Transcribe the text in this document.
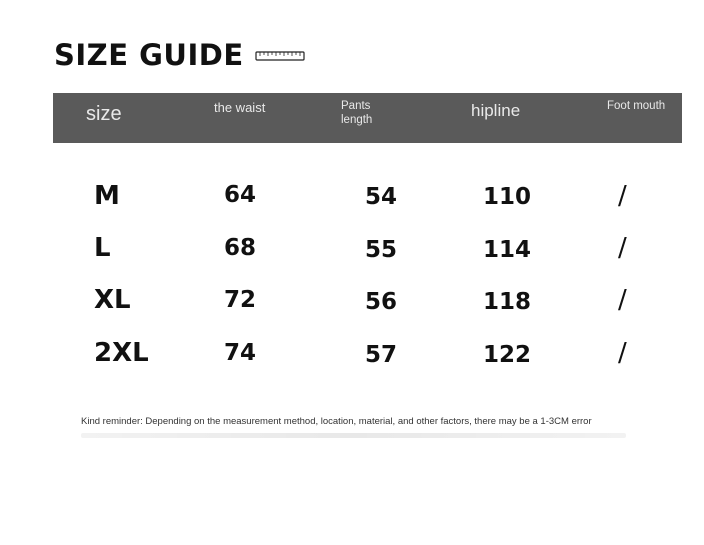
SIZE GUIDE
size	the waist	Pants length	hipline	Foot mouth
M	64	54	110	/
L	68	55	114	/
XL	72	56	118	/
2XL	74	57	122	/
Kind reminder: Depending on the measurement method, location, material, and other factors, there may be a 1-3CM error
